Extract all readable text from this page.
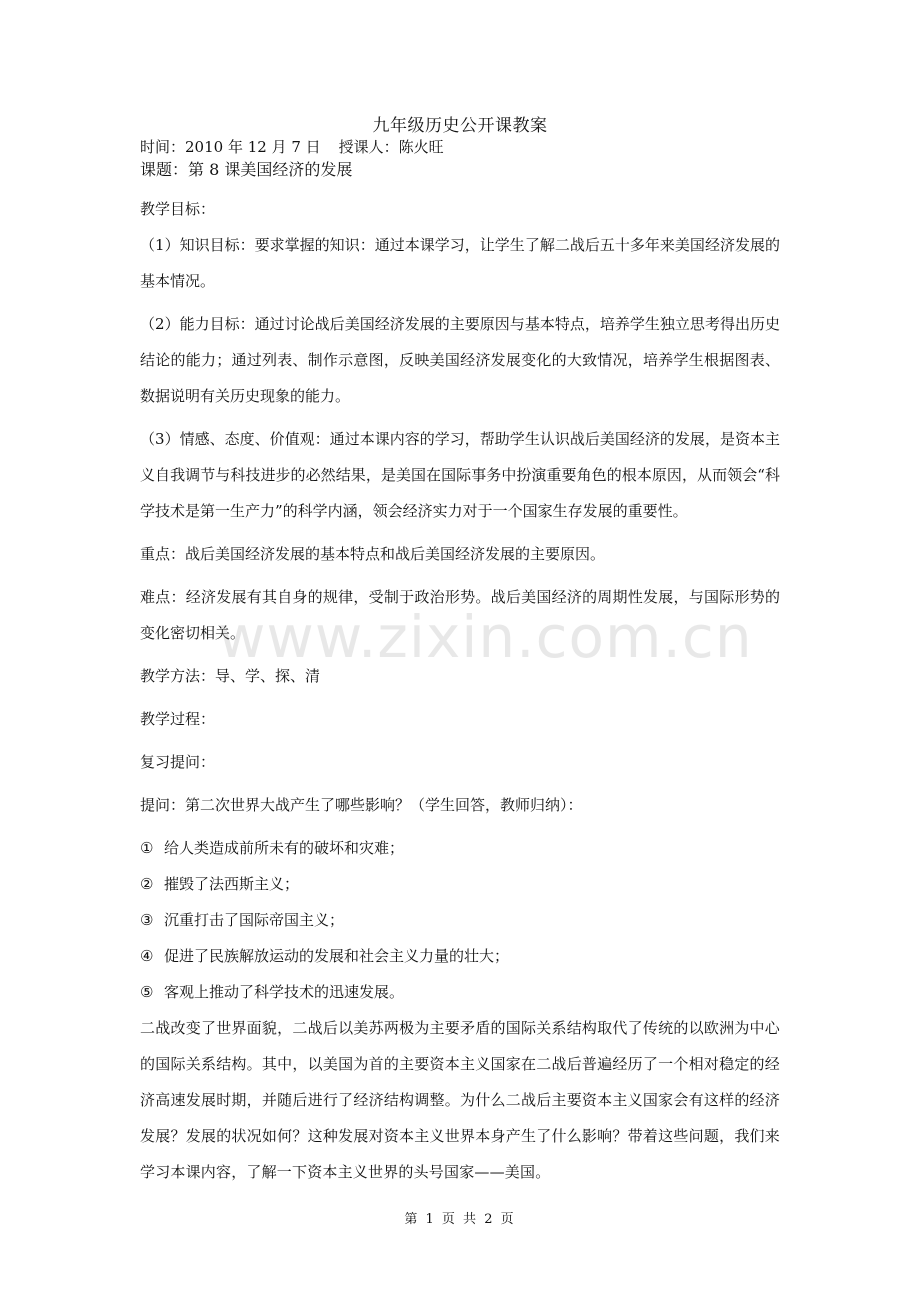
九年级历史公开课教案
时间：2010 年 12 月 7 日 授课人：陈火旺
课题：第 8 课美国经济的发展

教学目标：

（1）知识目标：要求掌握的知识：通过本课学习，让学生了解二战后五十多年来美国经济发展的基本情况。

（2）能力目标：通过讨论战后美国经济发展的主要原因与基本特点，培养学生独立思考得出历史结论的能力；通过列表、制作示意图，反映美国经济发展变化的大致情况，培养学生根据图表、数据说明有关历史现象的能力。

（3）情感、态度、价值观：通过本课内容的学习，帮助学生认识战后美国经济的发展，是资本主义自我调节与科技进步的必然结果，是美国在国际事务中扮演重要角色的根本原因，从而领会“科学技术是第一生产力”的科学内涵，领会经济实力对于一个国家生存发展的重要性。

重点：战后美国经济发展的基本特点和战后美国经济发展的主要原因。

难点：经济发展有其自身的规律，受制于政治形势。战后美国经济的周期性发展，与国际形势的变化密切相关。

教学方法：导、学、探、清

教学过程：

复习提问：

提问：第二次世界大战产生了哪些影响？（学生回答，教师归纳）：

① 给人类造成前所未有的破坏和灾难；

② 摧毁了法西斯主义；

③ 沉重打击了国际帝国主义；

④ 促进了民族解放运动的发展和社会主义力量的壮大；

⑤ 客观上推动了科学技术的迅速发展。

二战改变了世界面貌，二战后以美苏两极为主要矛盾的国际关系结构取代了传统的以欧洲为中心的国际关系结构。其中，以美国为首的主要资本主义国家在二战后普遍经历了一个相对稳定的经济高速发展时期，并随后进行了经济结构调整。为什么二战后主要资本主义国家会有这样的经济发展？发展的状况如何？这种发展对资本主义世界本身产生了什么影响？带着这些问题，我们来学习本课内容，了解一下资本主义世界的头号国家——美国。

www.zixin.com.cn
第 1 页 共 2 页
